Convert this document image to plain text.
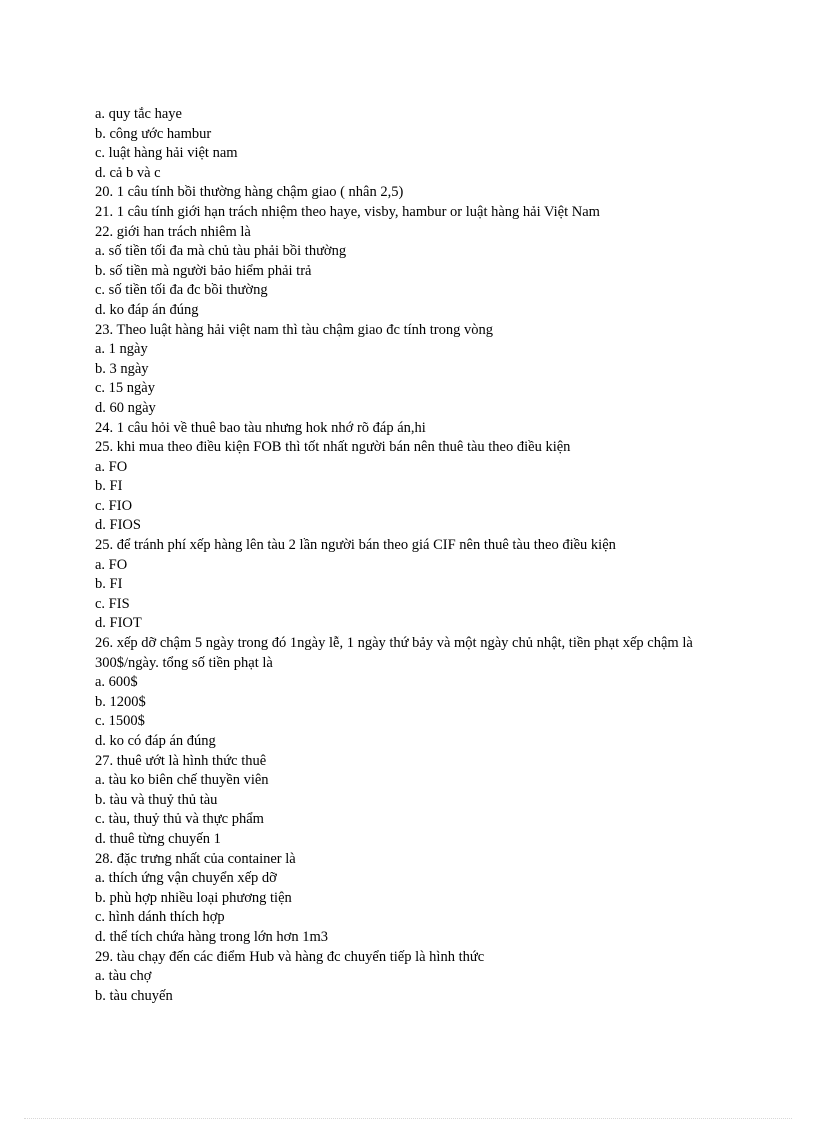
a. quy tắc haye
b. công ước hambur
c. luật hàng hải việt nam
d. cả b và c
20. 1 câu tính bồi thường hàng chậm giao ( nhân 2,5)
21. 1 câu tính giới hạn trách nhiệm theo haye, visby, hambur or luật hàng hải Việt Nam
22. giới han trách nhiêm là
a. số tiền tối đa mà chủ tàu phải bồi thường
b. số tiền mà người bảo hiểm phải trả
c. số tiền tối đa đc bồi thường
d. ko đáp án đúng
23. Theo luật hàng hải việt nam thì tàu chậm giao đc tính trong vòng
a. 1 ngày
b. 3 ngày
c. 15 ngày
d. 60 ngày
24. 1 câu hỏi về thuê bao tàu nhưng hok nhớ rõ đáp án,hi
25. khi mua theo điều kiện FOB thì tốt nhất người bán nên thuê tàu theo điều kiện
a. FO
b. FI
c. FIO
d. FIOS
25. để tránh phí xếp hàng lên tàu 2 lần người bán theo giá CIF nên thuê tàu theo điều kiện
a. FO
b. FI
c. FIS
d. FIOT
26. xếp dỡ chậm 5 ngày trong đó 1ngày lễ, 1 ngày thứ bảy và một ngày chủ nhật, tiền phạt xếp chậm là 300$/ngày. tổng số tiền phạt là
a. 600$
b. 1200$
c. 1500$
d. ko có đáp án đúng
27. thuê ướt là hình thức thuê
a. tàu ko biên chế thuyền viên
b. tàu và thuỷ thủ tàu
c. tàu, thuỷ thủ và thực phẩm
d. thuê từng chuyến 1
28. đặc trưng nhất của container là
a. thích ứng vận chuyển xếp dỡ
b. phù hợp nhiều loại phương tiện
c. hình dánh thích hợp
d. thể tích chứa hàng trong lớn hơn 1m3
29. tàu chạy đến các điểm Hub và hàng đc chuyển tiếp là hình thức
a. tàu chợ
b. tàu chuyến
